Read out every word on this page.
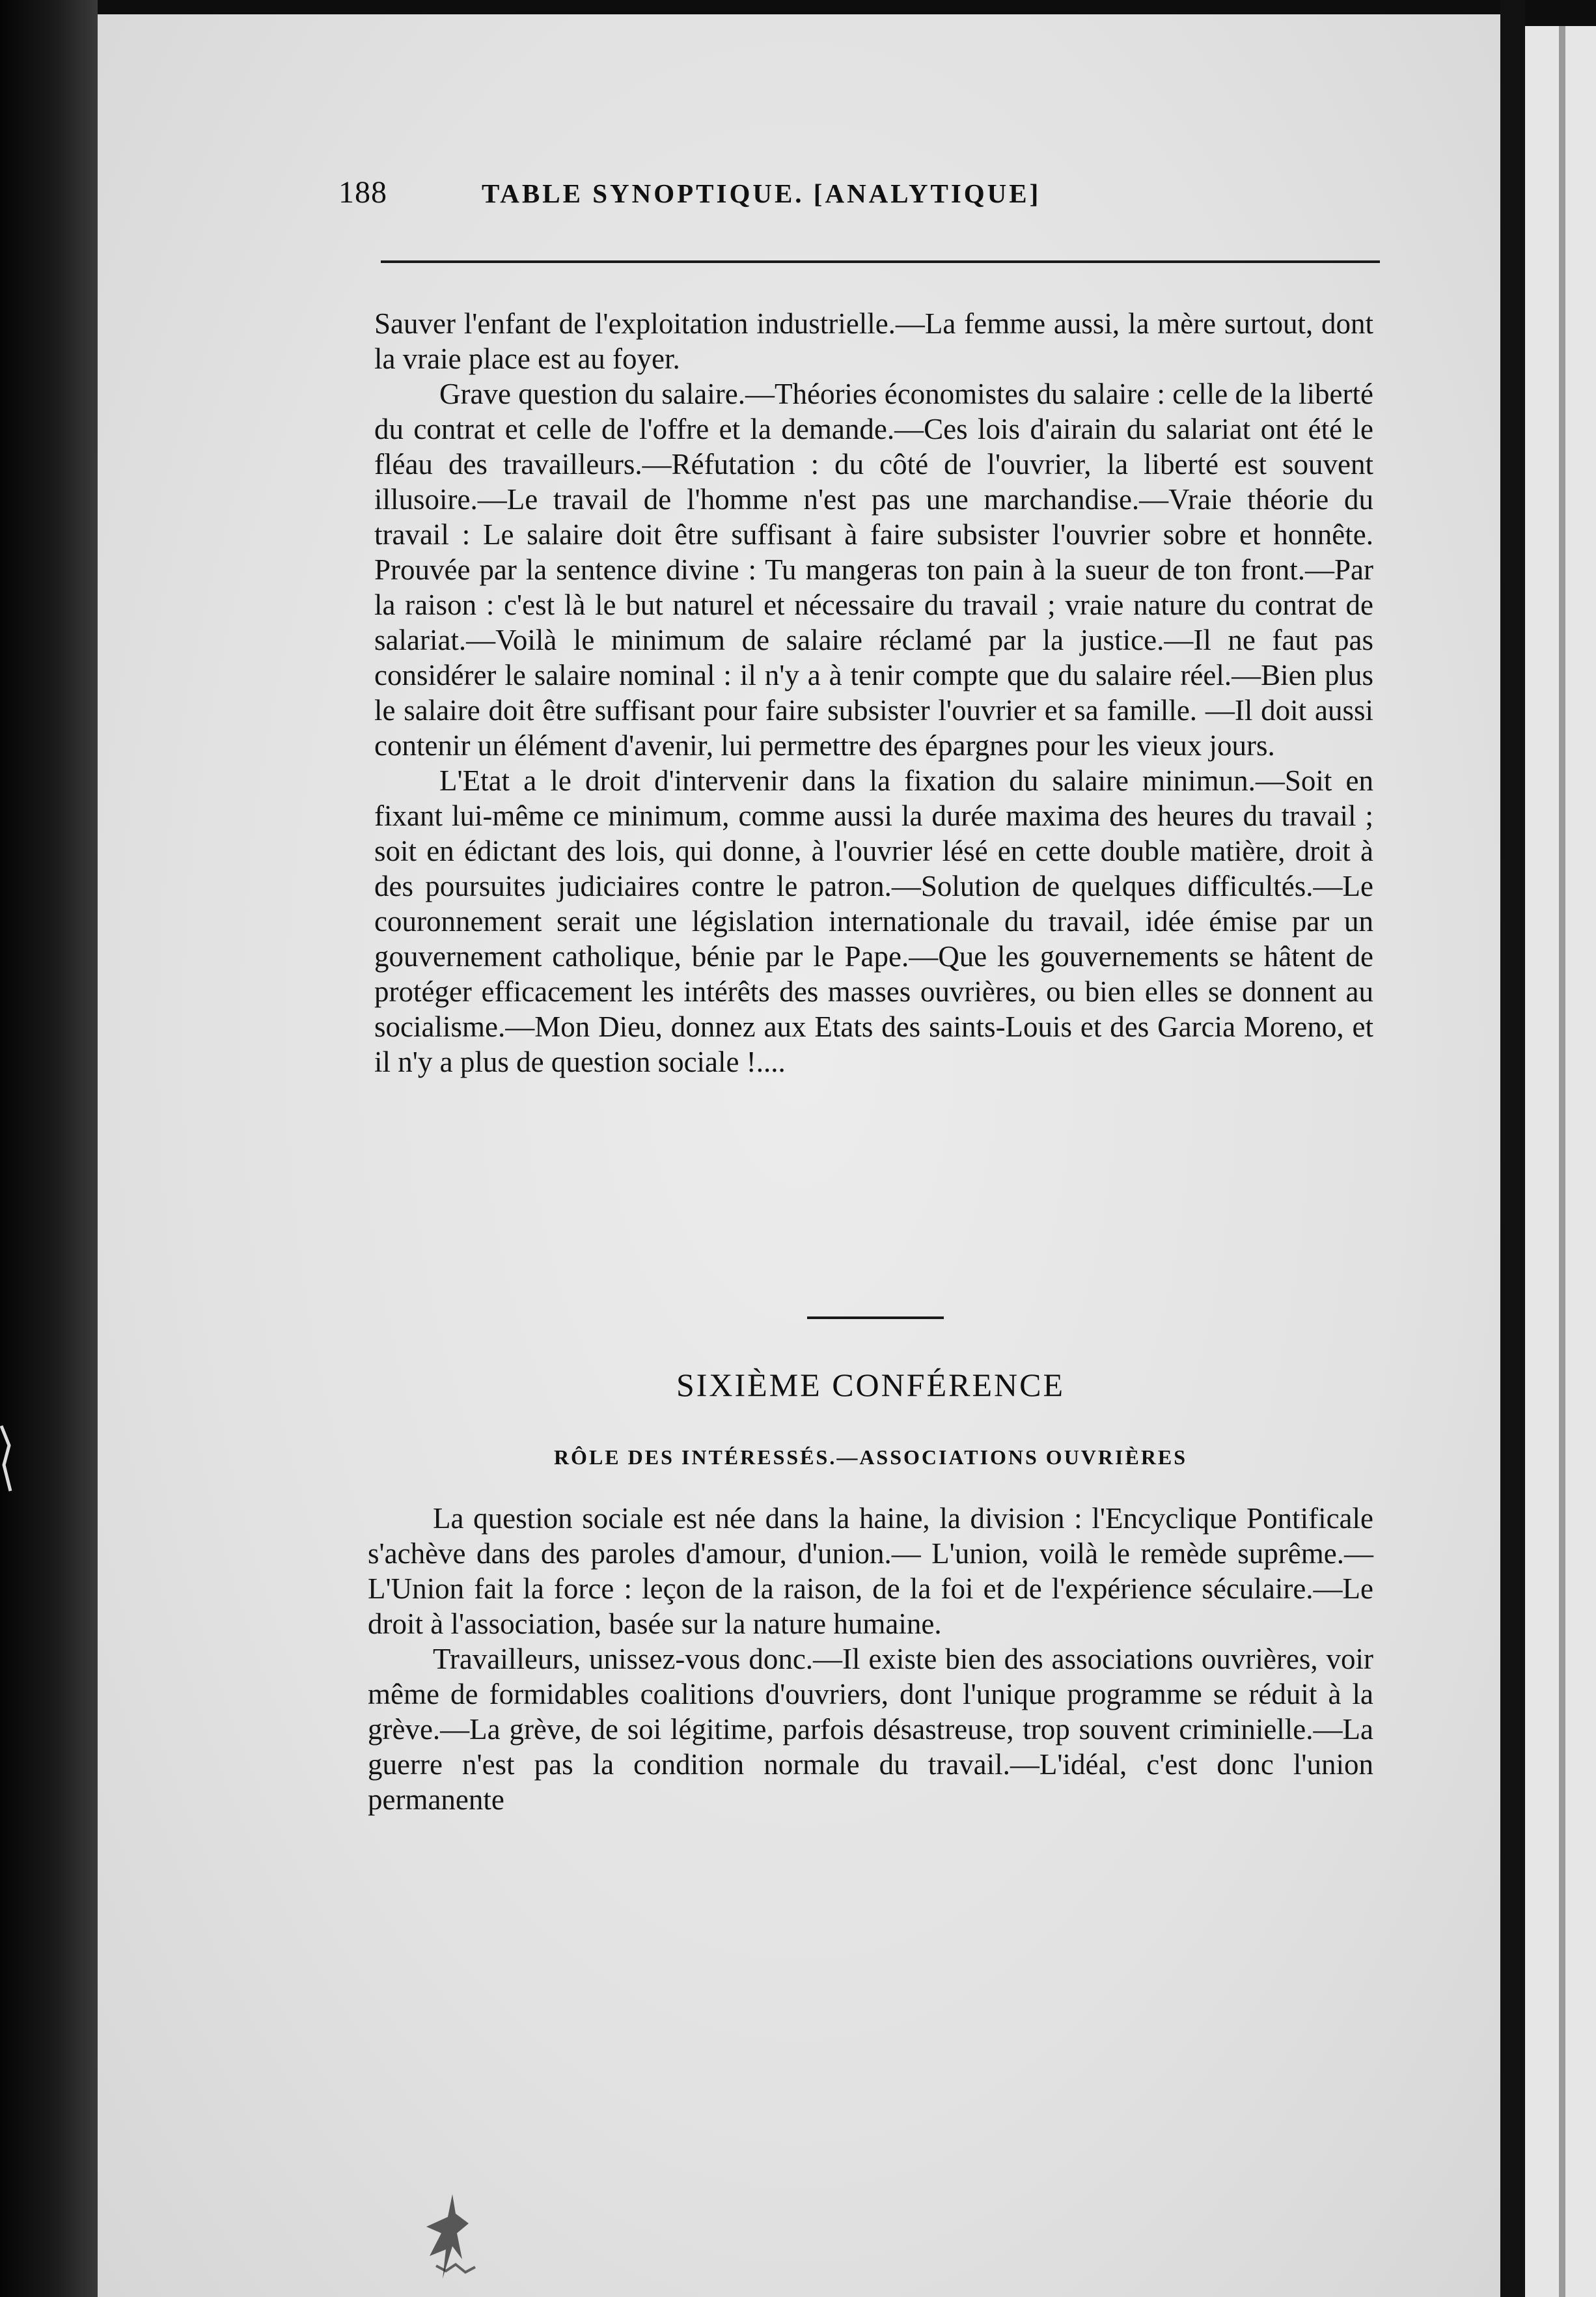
188	TABLE SYNOPTIQUE. [ANALYTIQUE]

Sauver l'enfant de l'exploitation industrielle.—La femme aussi, la mère surtout, dont la vraie place est au foyer.

Grave question du salaire.—Théories économistes du salaire : celle de la liberté du contrat et celle de l'offre et la demande.—Ces lois d'airain du salariat ont été le fléau des travailleurs.—Réfutation : du côté de l'ouvrier, la liberté est souvent illusoire.—Le travail de l'homme n'est pas une marchandise.—Vraie théorie du travail : Le salaire doit être suffisant à faire subsister l'ouvrier sobre et honnête. Prouvée par la sentence divine : Tu mangeras ton pain à la sueur de ton front.—Par la raison : c'est là le but naturel et nécessaire du travail ; vraie nature du contrat de salariat.—Voilà le minimum de salaire réclamé par la justice.—Il ne faut pas considérer le salaire nominal : il n'y a à tenir compte que du salaire réel.—Bien plus le salaire doit être suffisant pour faire subsister l'ouvrier et sa famille. —Il doit aussi contenir un élément d'avenir, lui permettre des épargnes pour les vieux jours.

L'Etat a le droit d'intervenir dans la fixation du salaire minimun.—Soit en fixant lui-même ce minimum, comme aussi la durée maxima des heures du travail ; soit en édictant des lois, qui donne, à l'ouvrier lésé en cette double matière, droit à des poursuites judiciaires contre le patron.—Solution de quelques difficultés.—Le couronnement serait une législation internationale du travail, idée émise par un gouvernement catholique, bénie par le Pape.—Que les gouvernements se hâtent de protéger efficacement les intérêts des masses ouvrières, ou bien elles se donnent au socialisme.—Mon Dieu, donnez aux Etats des saints-Louis et des Garcia Moreno, et il n'y a plus de question sociale !....

SIXIÈME CONFÉRENCE
RÔLE DES INTÉRESSÉS.—ASSOCIATIONS OUVRIÈRES

La question sociale est née dans la haine, la division : l'Encyclique Pontificale s'achève dans des paroles d'amour, d'union.— L'union, voilà le remède suprême.—L'Union fait la force : leçon de la raison, de la foi et de l'expérience séculaire.—Le droit à l'association, basée sur la nature humaine.

Travailleurs, unissez-vous donc.—Il existe bien des associations ouvrières, voir même de formidables coalitions d'ouvriers, dont l'unique programme se réduit à la grève.—La grève, de soi légitime, parfois désastreuse, trop souvent criminielle.—La guerre n'est pas la condition normale du travail.—L'idéal, c'est donc l'union permanente
